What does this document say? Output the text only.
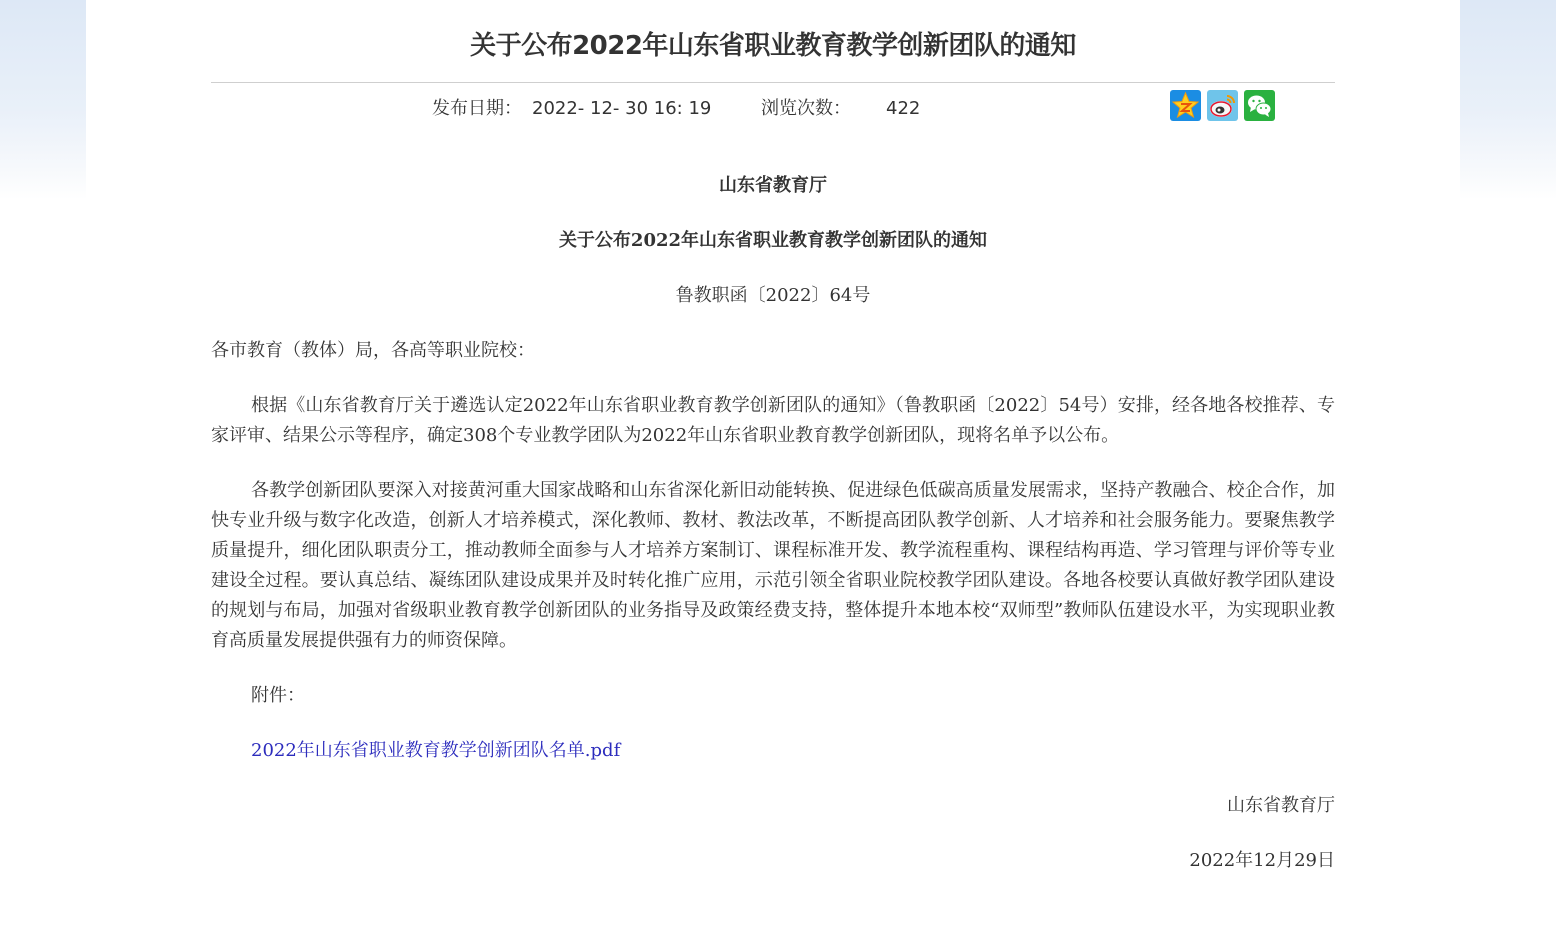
关于公布2022年山东省职业教育教学创新团队的通知
发布日期： 2022- 12- 30 16: 19	浏览次数： 422
山东省教育厅
关于公布2022年山东省职业教育教学创新团队的通知
鲁教职函〔2022〕64号
各市教育（教体）局，各高等职业院校：
根据《山东省教育厅关于遴选认定2022年山东省职业教育教学创新团队的通知》（鲁教职函〔2022〕54号）安排，经各地各校推荐、专家评审、结果公示等程序，确定308个专业教学团队为2022年山东省职业教育教学创新团队，现将名单予以公布。
各教学创新团队要深入对接黄河重大国家战略和山东省深化新旧动能转换、促进绿色低碳高质量发展需求，坚持产教融合、校企合作，加快专业升级与数字化改造，创新人才培养模式，深化教师、教材、教法改革，不断提高团队教学创新、人才培养和社会服务能力。要聚焦教学质量提升，细化团队职责分工，推动教师全面参与人才培养方案制订、课程标准开发、教学流程重构、课程结构再造、学习管理与评价等专业建设全过程。要认真总结、凝练团队建设成果并及时转化推广应用，示范引领全省职业院校教学团队建设。各地各校要认真做好教学团队建设的规划与布局，加强对省级职业教育教学创新团队的业务指导及政策经费支持，整体提升本地本校“双师型”教师队伍建设水平，为实现职业教育高质量发展提供强有力的师资保障。
附件：
2022年山东省职业教育教学创新团队名单.pdf
山东省教育厅
2022年12月29日
